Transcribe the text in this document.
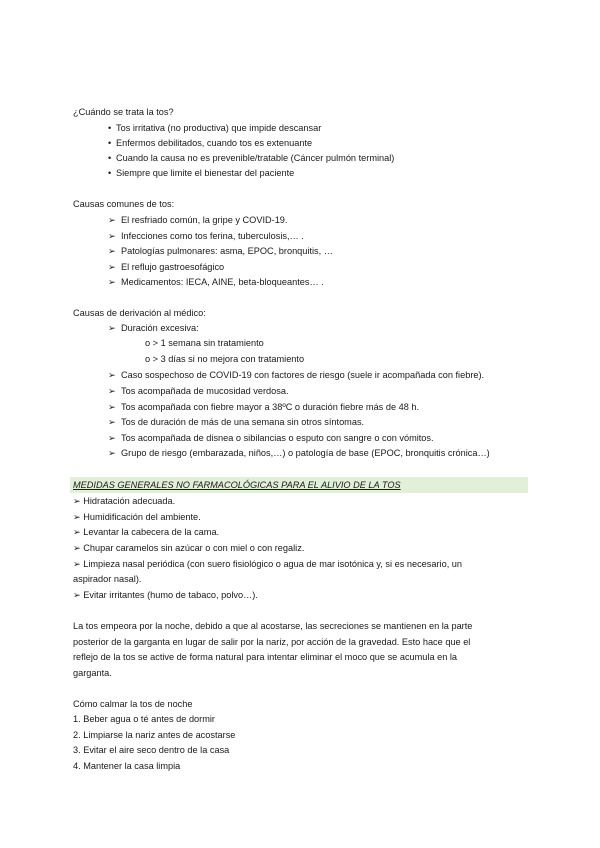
¿Cuándo se trata la tos?
• Tos irritativa (no productiva) que impide descansar
• Enfermos debilitados, cuando tos es extenuante
• Cuando la causa no es prevenible/tratable (Cáncer pulmón terminal)
• Siempre que limite el bienestar del paciente
Causas comunes de tos:
➢ El resfriado común, la gripe y COVID-19.
➢ Infecciones como tos ferina, tuberculosis,… .
➢ Patologías pulmonares: asma, EPOC, bronquitis, …
➢ El reflujo gastroesofágico
➢ Medicamentos: IECA, AINE, beta-bloqueantes… .
Causas de derivación al médico:
➢ Duración excesiva:
o > 1 semana sin tratamiento
o > 3 días si no mejora con tratamiento
➢ Caso sospechoso de COVID-19 con factores de riesgo (suele ir acompañada con fiebre).
➢ Tos acompañada de mucosidad verdosa.
➢ Tos acompañada con fiebre mayor a 38ºC o duración fiebre más de 48 h.
➢ Tos de duración de más de una semana sin otros síntomas.
➢ Tos acompañada de disnea o sibilancias o esputo con sangre o con vómitos.
➢ Grupo de riesgo (embarazada, niños,…) o patología de base (EPOC, bronquitis crónica…)
MEDIDAS GENERALES NO FARMACOLÓGICAS PARA EL ALIVIO DE LA TOS
➢ Hidratación adecuada.
➢ Humidificación del ambiente.
➢ Levantar la cabecera de la cama.
➢ Chupar caramelos sin azúcar o con miel o con regaliz.
➢ Limpieza nasal periódica (con suero fisiológico o agua de mar isotónica y, si es necesario, un
aspirador nasal).
➢ Evitar irritantes (humo de tabaco, polvo…).
La tos empeora por la noche, debido a que al acostarse, las secreciones se mantienen en la parte
posterior de la garganta en lugar de salir por la nariz, por acción de la gravedad. Esto hace que el
reflejo de la tos se active de forma natural para intentar eliminar el moco que se acumula en la
garganta.
Cómo calmar la tos de noche
1. Beber agua o té antes de dormir
2. Limpiarse la nariz antes de acostarse
3. Evitar el aire seco dentro de la casa
4. Mantener la casa limpia
